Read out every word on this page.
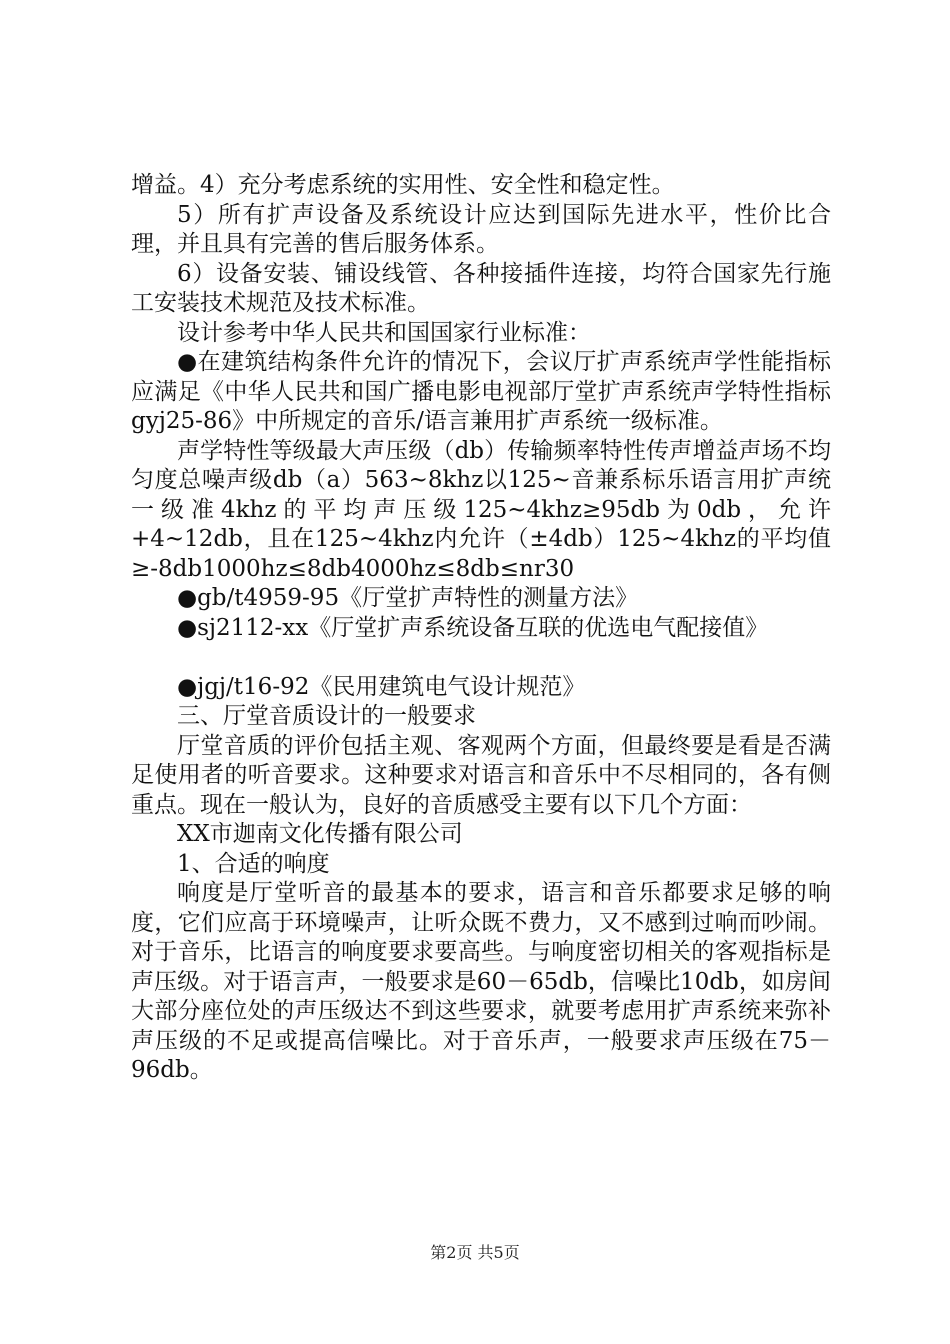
增益。4）充分考虑系统的实用性、安全性和稳定性。

5）所有扩声设备及系统设计应达到国际先进水平，性价比合理，并且具有完善的售后服务体系。

6）设备安装、铺设线管、各种接插件连接，均符合国家先行施工安装技术规范及技术标准。

设计参考中华人民共和国国家行业标准：

●在建筑结构条件允许的情况下，会议厅扩声系统声学性能指标应满足《中华人民共和国广播电影电视部厅堂扩声系统声学特性指标gyj25-86》中所规定的音乐/语言兼用扩声系统一级标准。

声学特性等级最大声压级（db）传输频率特性传声增益声场不均匀度总噪声级db（a）563~8khz以125~音兼系标乐语言用扩声统一级准4khz的平均声压级125~4khz≥95db为0db，允许+4~12db，且在125~4khz内允许（±4db）125~4khz的平均值≥-8db1000hz≤8db4000hz≤8db≤nr30

●gb/t4959-95《厅堂扩声特性的测量方法》

●sj2112-xx《厅堂扩声系统设备互联的优选电气配接值》

●jgj/t16-92《民用建筑电气设计规范》

三、厅堂音质设计的一般要求

厅堂音质的评价包括主观、客观两个方面，但最终要是看是否满足使用者的听音要求。这种要求对语言和音乐中不尽相同的，各有侧重点。现在一般认为，良好的音质感受主要有以下几个方面：

XX市迦南文化传播有限公司

1、合适的响度

响度是厅堂听音的最基本的要求，语言和音乐都要求足够的响度，它们应高于环境噪声，让听众既不费力，又不感到过响而吵闹。对于音乐，比语言的响度要求要高些。与响度密切相关的客观指标是声压级。对于语言声，一般要求是60－65db，信噪比10db，如房间大部分座位处的声压级达不到这些要求，就要考虑用扩声系统来弥补声压级的不足或提高信噪比。对于音乐声，一般要求声压级在75－96db。

第2页 共5页
